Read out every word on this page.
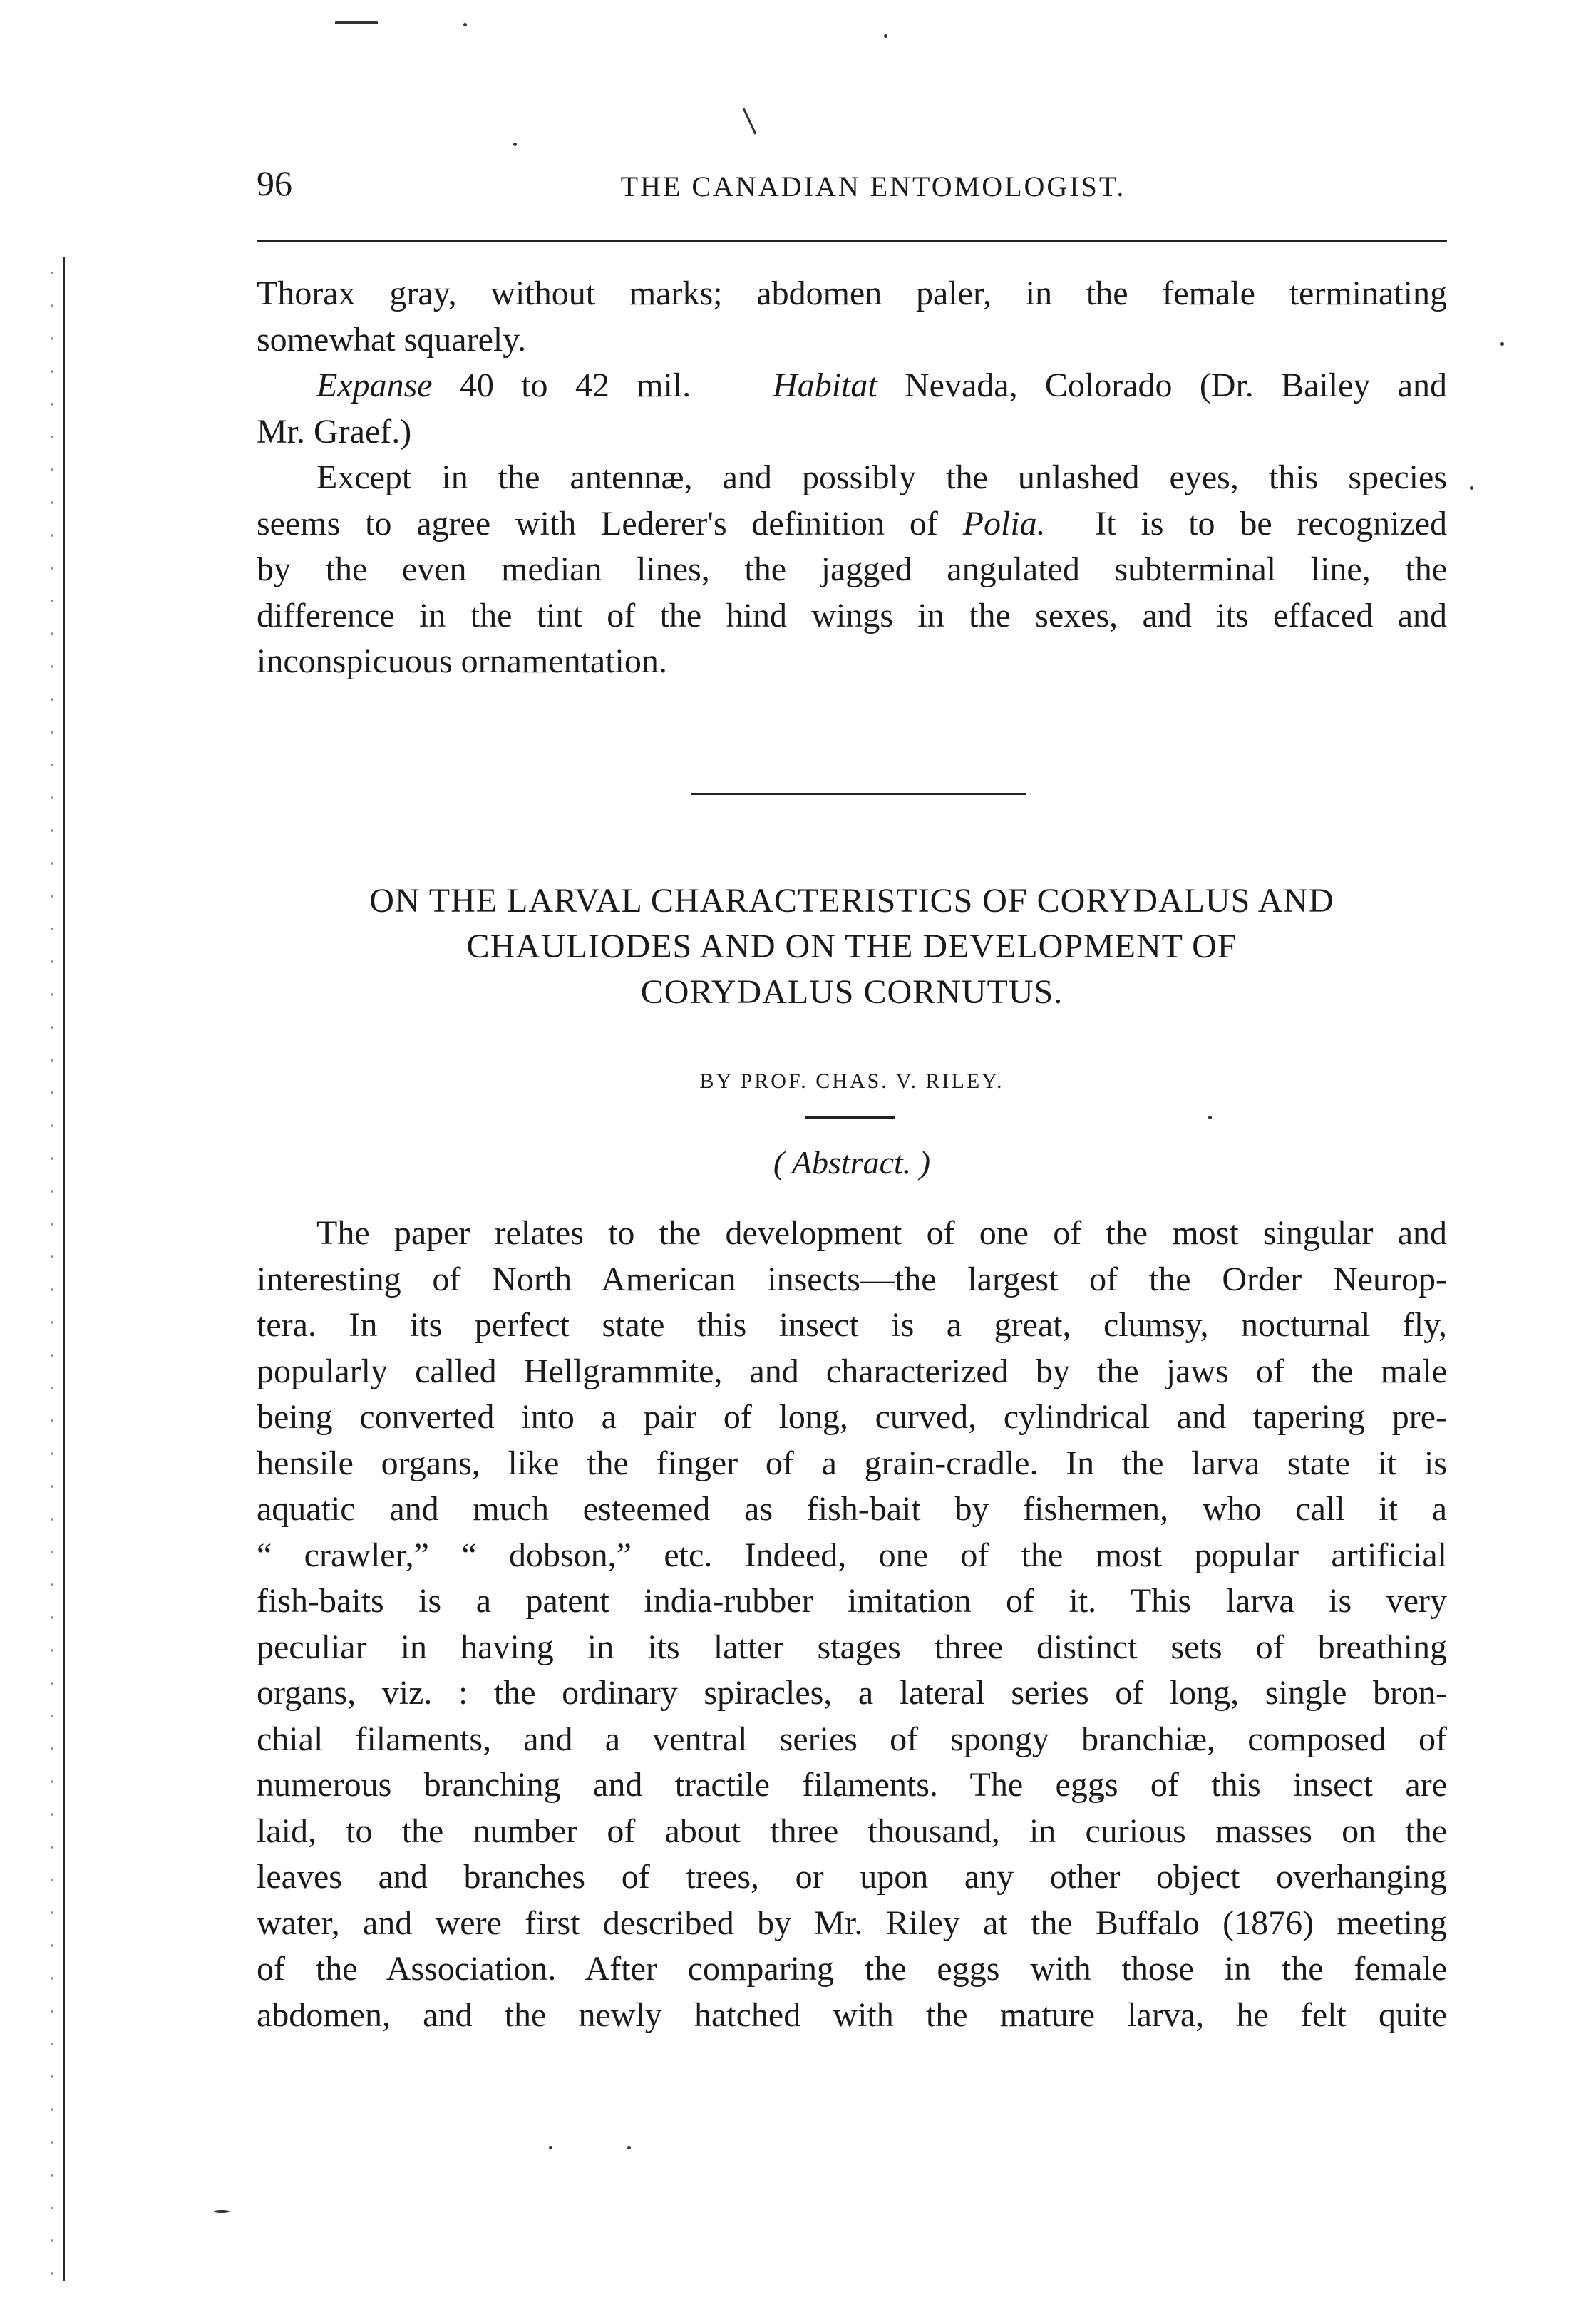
96	THE CANADIAN ENTOMOLOGIST.
Thorax gray, without marks; abdomen paler, in the female terminating
somewhat squarely.
Expanse 40 to 42 mil. Habitat Nevada, Colorado (Dr. Bailey and
Mr. Graef.)
Except in the antennæ, and possibly the unlashed eyes, this species
seems to agree with Lederer's definition of Polia. It is to be recognized
by the even median lines, the jagged angulated subterminal line, the
difference in the tint of the hind wings in the sexes, and its effaced and
inconspicuous ornamentation.
ON THE LARVAL CHARACTERISTICS OF CORYDALUS AND
CHAULIODES AND ON THE DEVELOPMENT OF
CORYDALUS CORNUTUS.
BY PROF. CHAS. V. RILEY.
( Abstract. )
The paper relates to the development of one of the most singular and
interesting of North American insects—the largest of the Order Neurop-
tera. In its perfect state this insect is a great, clumsy, nocturnal fly,
popularly called Hellgrammite, and characterized by the jaws of the male
being converted into a pair of long, curved, cylindrical and tapering pre-
hensile organs, like the finger of a grain-cradle. In the larva state it is
aquatic and much esteemed as fish-bait by fishermen, who call it a
“ crawler,” “ dobson,” etc. Indeed, one of the most popular artificial
fish-baits is a patent india-rubber imitation of it. This larva is very
peculiar in having in its latter stages three distinct sets of breathing
organs, viz. : the ordinary spiracles, a lateral series of long, single bron-
chial filaments, and a ventral series of spongy branchiæ, composed of
numerous branching and tractile filaments. The eggs of this insect are
laid, to the number of about three thousand, in curious masses on the
leaves and branches of trees, or upon any other object overhanging
water, and were first described by Mr. Riley at the Buffalo (1876) meeting
of the Association. After comparing the eggs with those in the female
abdomen, and the newly hatched with the mature larva, he felt quite
